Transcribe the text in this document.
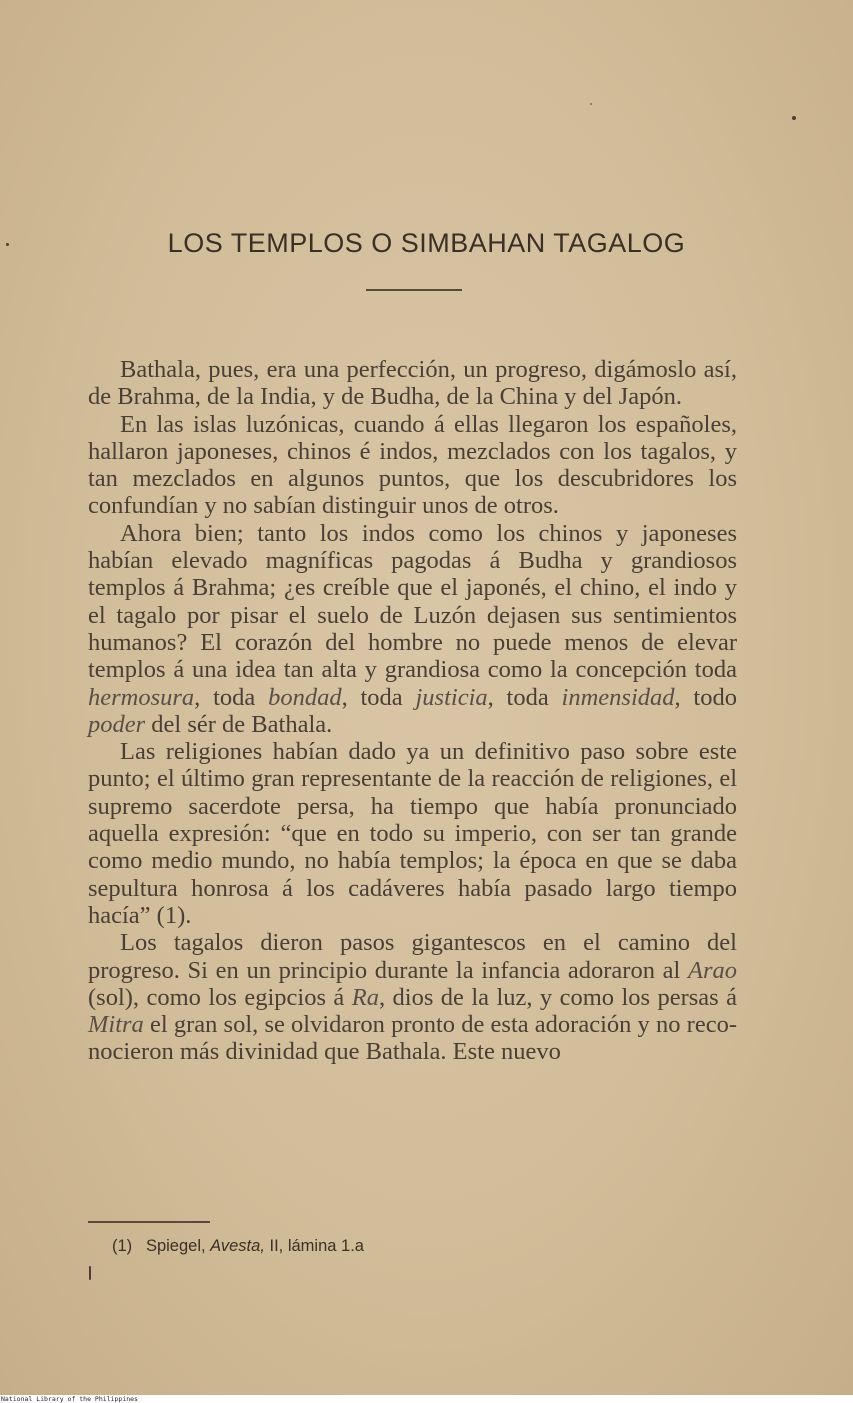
LOS TEMPLOS O SIMBAHAN TAGALOG

Bathala, pues, era una perfección, un progreso, digámoslo así, de Brahma, de la India, y de Budha, de la China y del Japón.

En las islas luzónicas, cuando á ellas llegaron los españoles, hallaron japoneses, chinos é indos, mezclados con los tagalos, y tan mezclados en algunos puntos, que los descubridores los confundían y no sabían distinguir unos de otros.

Ahora bien; tanto los indos como los chinos y japoneses habían elevado magníficas pagodas á Budha y grandiosos templos á Brahma; ¿es creíble que el japonés, el chino, el indo y el tagalo por pisar el suelo de Luzón dejasen sus sentimientos humanos? El corazón del hombre no puede menos de elevar templos á una idea tan alta y grandiosa como la concepción toda hermosura, toda bondad, toda justicia, toda inmensidad, todo poder del sér de Bathala.

Las religiones habían dado ya un definitivo paso sobre este punto; el último gran representante de la reacción de religiones, el supremo sacerdote persa, ha tiempo que había pronunciado aquella expresión: “que en todo su imperio, con ser tan grande como medio mundo, no había templos; la época en que se daba sepultura honrosa á los cadáveres había pasado largo tiempo hacía” (1).

Los tagalos dieron pasos gigantescos en el camino del progreso. Si en un principio durante la infancia adoraron al Arao (sol), como los egipcios á Ra, dios de la luz, y como los persas á Mitra el gran sol, se olvidaron pronto de esta adoración y no reconocieron más divinidad que Bathala. Este nuevo

(1) Spiegel, Avesta, II, lámina 1.a
National Library of the Philippines
